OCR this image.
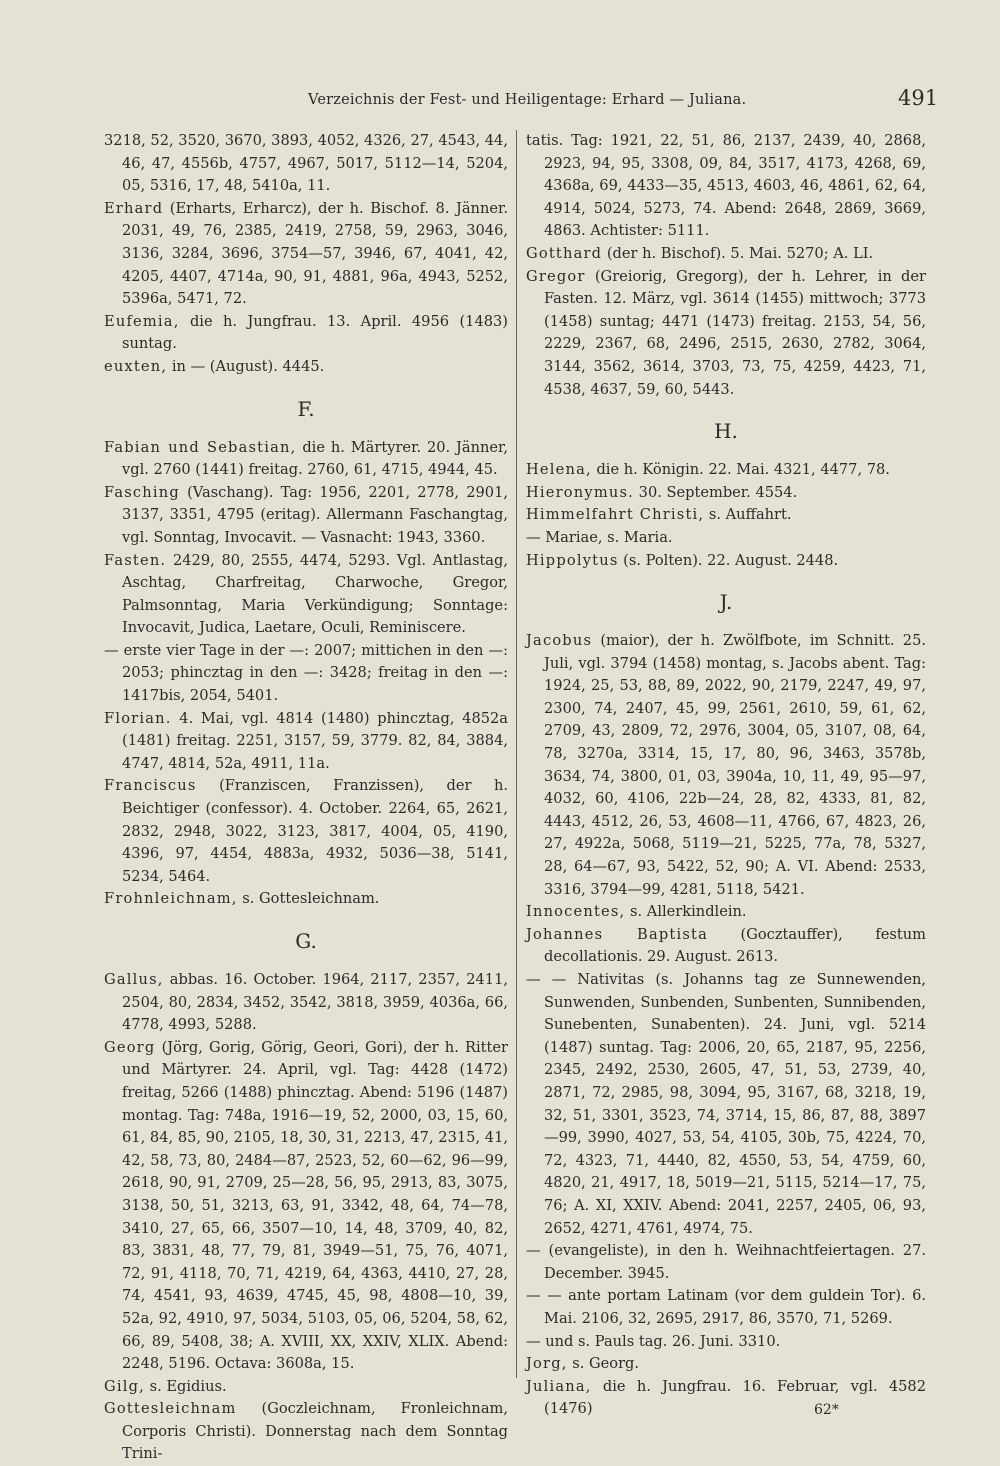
Verzeichnis der Fest- und Heiligentage: Erhard — Juliana.	491

3218, 52, 3520, 3670, 3893, 4052, 4326, 27, 4543, 44, 46, 47, 4556b, 4757, 4967, 5017, 5112—14, 5204, 05, 5316, 17, 48, 5410a, 11.

Erhard (Erharts, Erharcz), der h. Bischof. 8. Jänner. 2031, 49, 76, 2385, 2419, 2758, 59, 2963, 3046, 3136, 3284, 3696, 3754—57, 3946, 67, 4041, 42, 4205, 4407, 4714a, 90, 91, 4881, 96a, 4943, 5252, 5396a, 5471, 72.

Eufemia, die h. Jungfrau. 13. April. 4956 (1483) suntag.

euxten, in — (August). 4445.

F.

Fabian und Sebastian, die h. Märtyrer. 20. Jänner, vgl. 2760 (1441) freitag. 2760, 61, 4715, 4944, 45.

Fasching (Vaschang). Tag: 1956, 2201, 2778, 2901, 3137, 3351, 4795 (eritag). Allermann Faschangtag, vgl. Sonntag, Invocavit. — Vasnacht: 1943, 3360.

Fasten. 2429, 80, 2555, 4474, 5293. Vgl. Antlastag, Aschtag, Charfreitag, Charwoche, Gregor, Palmsonntag, Maria Verkündigung; Sonntage: Invocavit, Judica, Laetare, Oculi, Reminiscere.

— erste vier Tage in der —: 2007; mittichen in den —: 2053; phincztag in den —: 3428; freitag in den —: 1417bis, 2054, 5401.

Florian. 4. Mai, vgl. 4814 (1480) phincztag, 4852a (1481) freitag. 2251, 3157, 59, 3779. 82, 84, 3884, 4747, 4814, 52a, 4911, 11a.

Franciscus (Franziscen, Franzissen), der h. Beichtiger (confessor). 4. October. 2264, 65, 2621, 2832, 2948, 3022, 3123, 3817, 4004, 05, 4190, 4396, 97, 4454, 4883a, 4932, 5036—38, 5141, 5234, 5464.

Frohnleichnam, s. Gottesleichnam.

G.

Gallus, abbas. 16. October. 1964, 2117, 2357, 2411, 2504, 80, 2834, 3452, 3542, 3818, 3959, 4036a, 66, 4778, 4993, 5288.

Georg (Jörg, Gorig, Görig, Geori, Gori), der h. Ritter und Märtyrer. 24. April, vgl. Tag: 4428 (1472) freitag, 5266 (1488) phincztag. Abend: 5196 (1487) montag. Tag: 748a, 1916—19, 52, 2000, 03, 15, 60, 61, 84, 85, 90, 2105, 18, 30, 31, 2213, 47, 2315, 41, 42, 58, 73, 80, 2484—87, 2523, 52, 60—62, 96—99, 2618, 90, 91, 2709, 25—28, 56, 95, 2913, 83, 3075, 3138, 50, 51, 3213, 63, 91, 3342, 48, 64, 74—78, 3410, 27, 65, 66, 3507—10, 14, 48, 3709, 40, 82, 83, 3831, 48, 77, 79, 81, 3949—51, 75, 76, 4071, 72, 91, 4118, 70, 71, 4219, 64, 4363, 4410, 27, 28, 74, 4541, 93, 4639, 4745, 45, 98, 4808—10, 39, 52a, 92, 4910, 97, 5034, 5103, 05, 06, 5204, 58, 62, 66, 89, 5408, 38; A. XVIII, XX, XXIV, XLIX. Abend: 2248, 5196. Octava: 3608a, 15.

Gilg, s. Egidius.

Gottesleichnam (Goczleichnam, Fronleichnam, Corporis Christi). Donnerstag nach dem Sonntag Trini-

tatis. Tag: 1921, 22, 51, 86, 2137, 2439, 40, 2868, 2923, 94, 95, 3308, 09, 84, 3517, 4173, 4268, 69, 4368a, 69, 4433—35, 4513, 4603, 46, 4861, 62, 64, 4914, 5024, 5273, 74. Abend: 2648, 2869, 3669, 4863. Achtister: 5111.

Gotthard (der h. Bischof). 5. Mai. 5270; A. LI.

Gregor (Greiorig, Gregorg), der h. Lehrer, in der Fasten. 12. März, vgl. 3614 (1455) mittwoch; 3773 (1458) suntag; 4471 (1473) freitag. 2153, 54, 56, 2229, 2367, 68, 2496, 2515, 2630, 2782, 3064, 3144, 3562, 3614, 3703, 73, 75, 4259, 4423, 71, 4538, 4637, 59, 60, 5443.

H.

Helena, die h. Königin. 22. Mai. 4321, 4477, 78.

Hieronymus. 30. September. 4554.

Himmelfahrt Christi, s. Auffahrt.

— Mariae, s. Maria.

Hippolytus (s. Polten). 22. August. 2448.

J.

Jacobus (maior), der h. Zwölfbote, im Schnitt. 25. Juli, vgl. 3794 (1458) montag, s. Jacobs abent. Tag: 1924, 25, 53, 88, 89, 2022, 90, 2179, 2247, 49, 97, 2300, 74, 2407, 45, 99, 2561, 2610, 59, 61, 62, 2709, 43, 2809, 72, 2976, 3004, 05, 3107, 08, 64, 78, 3270a, 3314, 15, 17, 80, 96, 3463, 3578b, 3634, 74, 3800, 01, 03, 3904a, 10, 11, 49, 95—97, 4032, 60, 4106, 22b—24, 28, 82, 4333, 81, 82, 4443, 4512, 26, 53, 4608—11, 4766, 67, 4823, 26, 27, 4922a, 5068, 5119—21, 5225, 77a, 78, 5327, 28, 64—67, 93, 5422, 52, 90; A. VI. Abend: 2533, 3316, 3794—99, 4281, 5118, 5421.

Innocentes, s. Allerkindlein.

Johannes Baptista (Gocztauffer), festum decollationis. 29. August. 2613.

— — Nativitas (s. Johanns tag ze Sunnewenden, Sunwenden, Sunbenden, Sunbenten, Sunnibenden, Sunebenten, Sunabenten). 24. Juni, vgl. 5214 (1487) suntag. Tag: 2006, 20, 65, 2187, 95, 2256, 2345, 2492, 2530, 2605, 47, 51, 53, 2739, 40, 2871, 72, 2985, 98, 3094, 95, 3167, 68, 3218, 19, 32, 51, 3301, 3523, 74, 3714, 15, 86, 87, 88, 3897—99, 3990, 4027, 53, 54, 4105, 30b, 75, 4224, 70, 72, 4323, 71, 4440, 82, 4550, 53, 54, 4759, 60, 4820, 21, 4917, 18, 5019—21, 5115, 5214—17, 75, 76; A. XI, XXIV. Abend: 2041, 2257, 2405, 06, 93, 2652, 4271, 4761, 4974, 75.

— (evangeliste), in den h. Weihnachtfeiertagen. 27. December. 3945.

— — ante portam Latinam (vor dem guldein Tor). 6. Mai. 2106, 32, 2695, 2917, 86, 3570, 71, 5269.

— und s. Pauls tag. 26. Juni. 3310.

Jorg, s. Georg.

Juliana, die h. Jungfrau. 16. Februar, vgl. 4582 (1476)	62*
